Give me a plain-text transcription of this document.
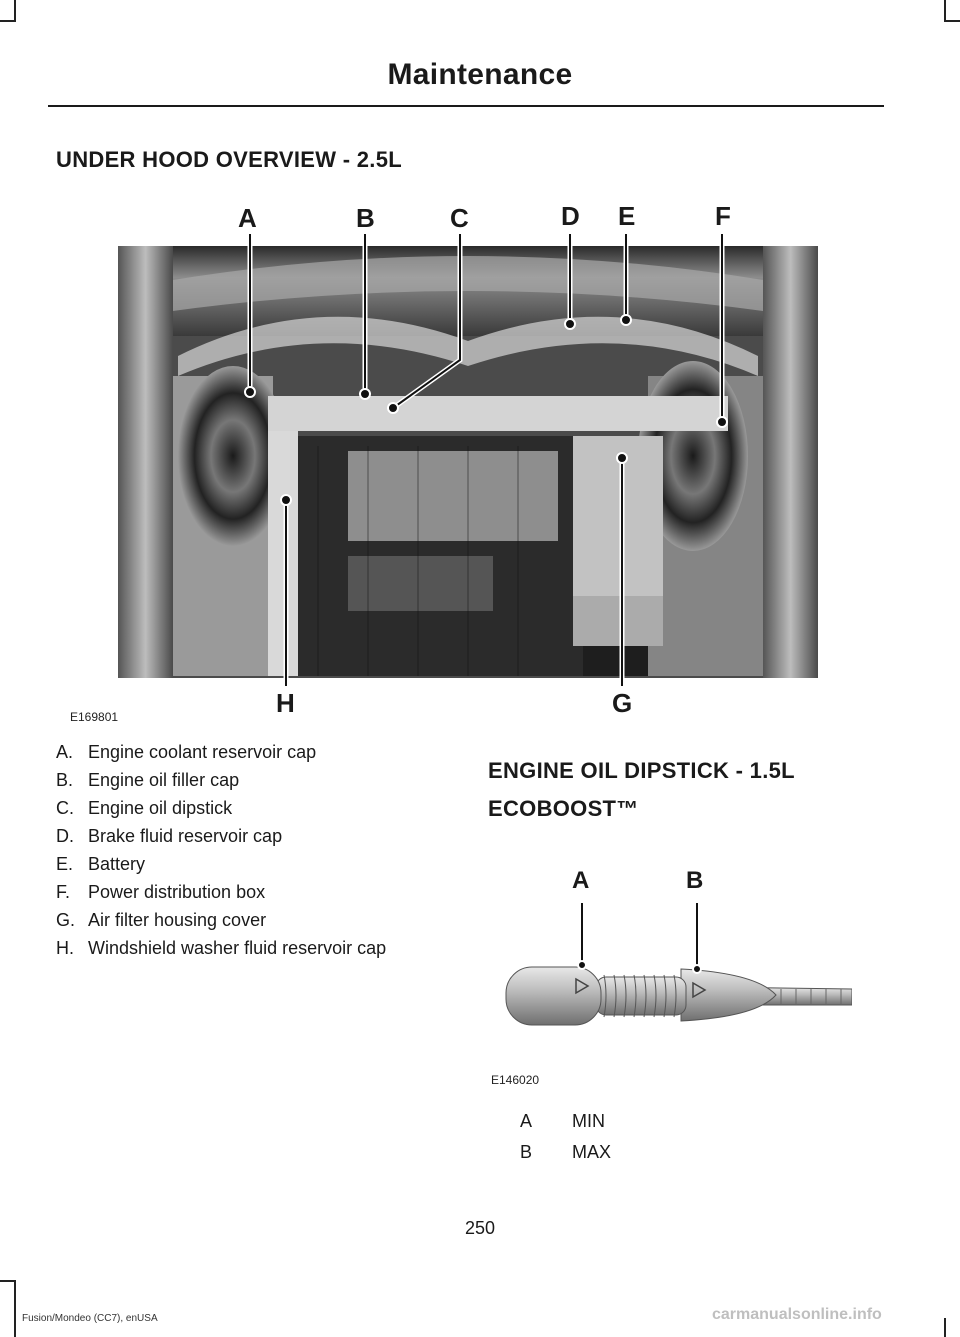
Maintenance
UNDER HOOD OVERVIEW - 2.5L
A	B	C	D E	F
H	G
E169801
A. Engine coolant reservoir cap
B. Engine oil filler cap
C. Engine oil dipstick
D. Brake fluid reservoir cap
E. Battery
F. Power distribution box
G. Air filter housing cover
H. Windshield washer fluid reservoir cap
ENGINE OIL DIPSTICK - 1.5L
ECOBOOST™
A	B
E146020
A MIN
B MAX
250
Fusion/Mondeo (CC7), enUSA	carmanualsonline.info
